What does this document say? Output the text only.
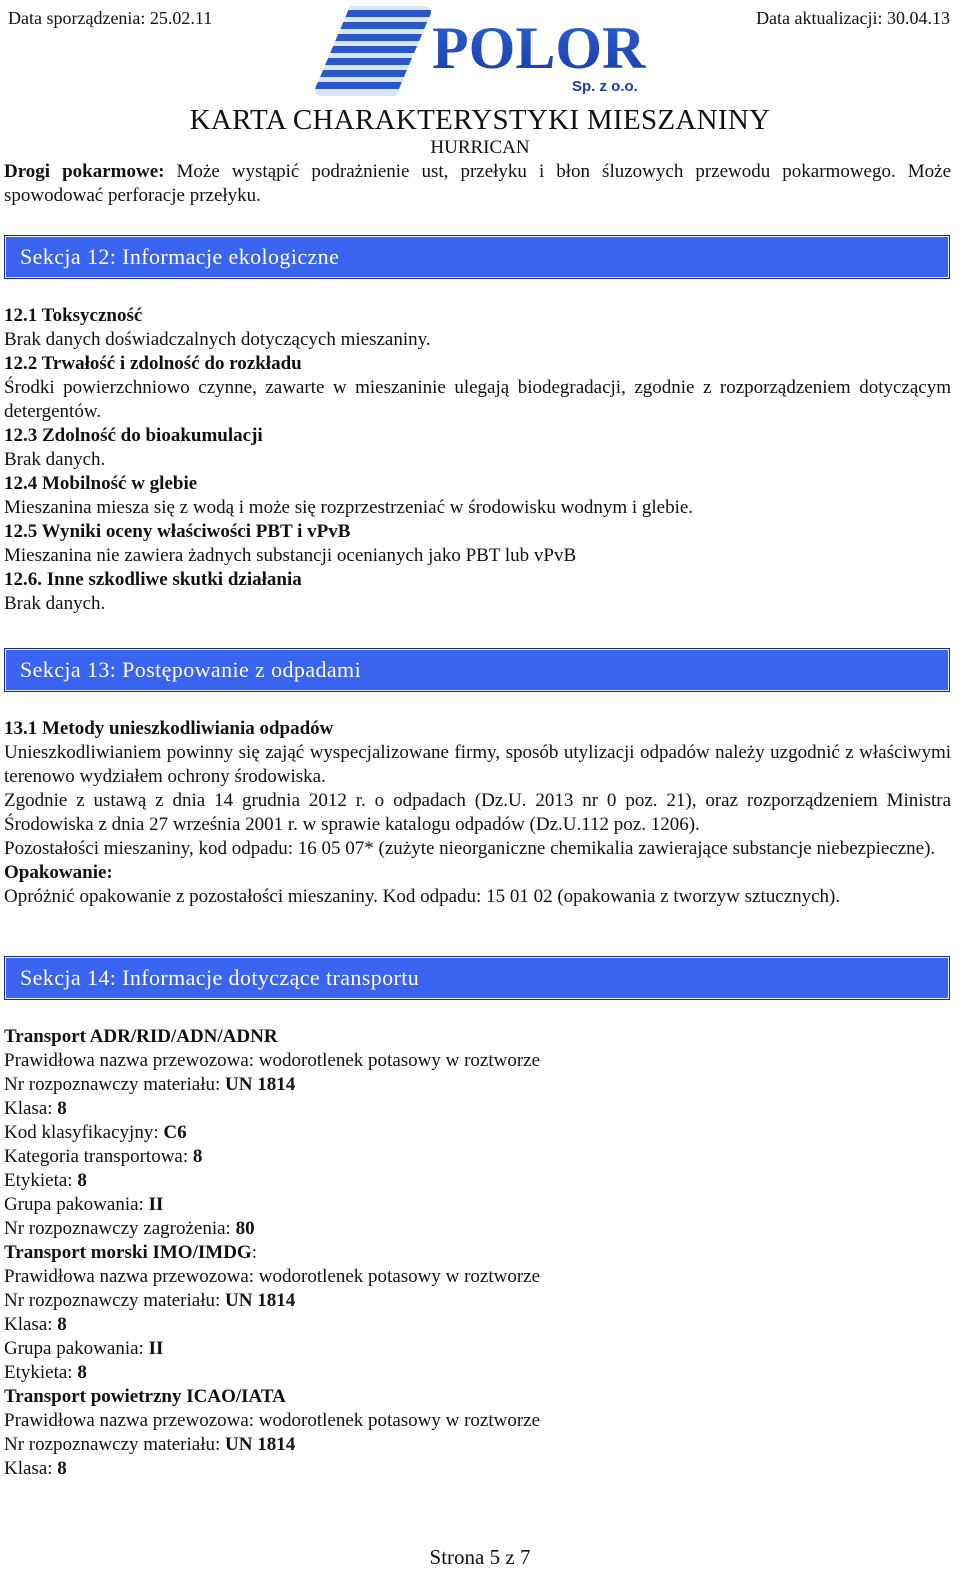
Data sporządzenia: 25.02.11	Data aktualizacji: 30.04.13
POLOR
Sp. z o.o.
KARTA CHARAKTERYSTYKI MIESZANINY
HURRICAN
Drogi pokarmowe: Może wystąpić podrażnienie ust, przełyku i błon śluzowych przewodu pokarmowego. Może spowodować perforacje przełyku.
Sekcja 12: Informacje ekologiczne

12.1 Toksyczność

Brak danych doświadczalnych dotyczących mieszaniny.

12.2 Trwałość i zdolność do rozkładu

Środki powierzchniowo czynne, zawarte w mieszaninie ulegają biodegradacji, zgodnie z rozporządzeniem dotyczącym detergentów.

12.3 Zdolność do bioakumulacji

Brak danych.

12.4 Mobilność w glebie

Mieszanina miesza się z wodą i może się rozprzestrzeniać w środowisku wodnym i glebie.

12.5 Wyniki oceny właściwości PBT i vPvB

Mieszanina nie zawiera żadnych substancji ocenianych jako PBT lub vPvB

12.6. Inne szkodliwe skutki działania

Brak danych.

Sekcja 13: Postępowanie z odpadami

13.1 Metody unieszkodliwiania odpadów

Unieszkodliwianiem powinny się zająć wyspecjalizowane firmy, sposób utylizacji odpadów należy uzgodnić z właściwymi terenowo wydziałem ochrony środowiska.

Zgodnie z ustawą z dnia 14 grudnia 2012 r. o odpadach (Dz.U. 2013 nr 0 poz. 21), oraz rozporządzeniem Ministra Środowiska z dnia 27 września 2001 r. w sprawie katalogu odpadów (Dz.U.112 poz. 1206).

Pozostałości mieszaniny, kod odpadu: 16 05 07* (zużyte nieorganiczne chemikalia zawierające substancje niebezpieczne).

Opakowanie:

Opróżnić opakowanie z pozostałości mieszaniny. Kod odpadu: 15 01 02 (opakowania z tworzyw sztucznych).

Sekcja 14: Informacje dotyczące transportu

Transport ADR/RID/ADN/ADNR

Prawidłowa nazwa przewozowa: wodorotlenek potasowy w roztworze

Nr rozpoznawczy materiału: UN 1814

Klasa: 8

Kod klasyfikacyjny: C6

Kategoria transportowa: 8

Etykieta: 8

Grupa pakowania: II

Nr rozpoznawczy zagrożenia: 80

Transport morski IMO/IMDG:

Prawidłowa nazwa przewozowa: wodorotlenek potasowy w roztworze

Nr rozpoznawczy materiału: UN 1814

Klasa: 8

Grupa pakowania: II

Etykieta: 8

Transport powietrzny ICAO/IATA

Prawidłowa nazwa przewozowa: wodorotlenek potasowy w roztworze

Nr rozpoznawczy materiału: UN 1814

Klasa: 8

Strona 5 z 7
